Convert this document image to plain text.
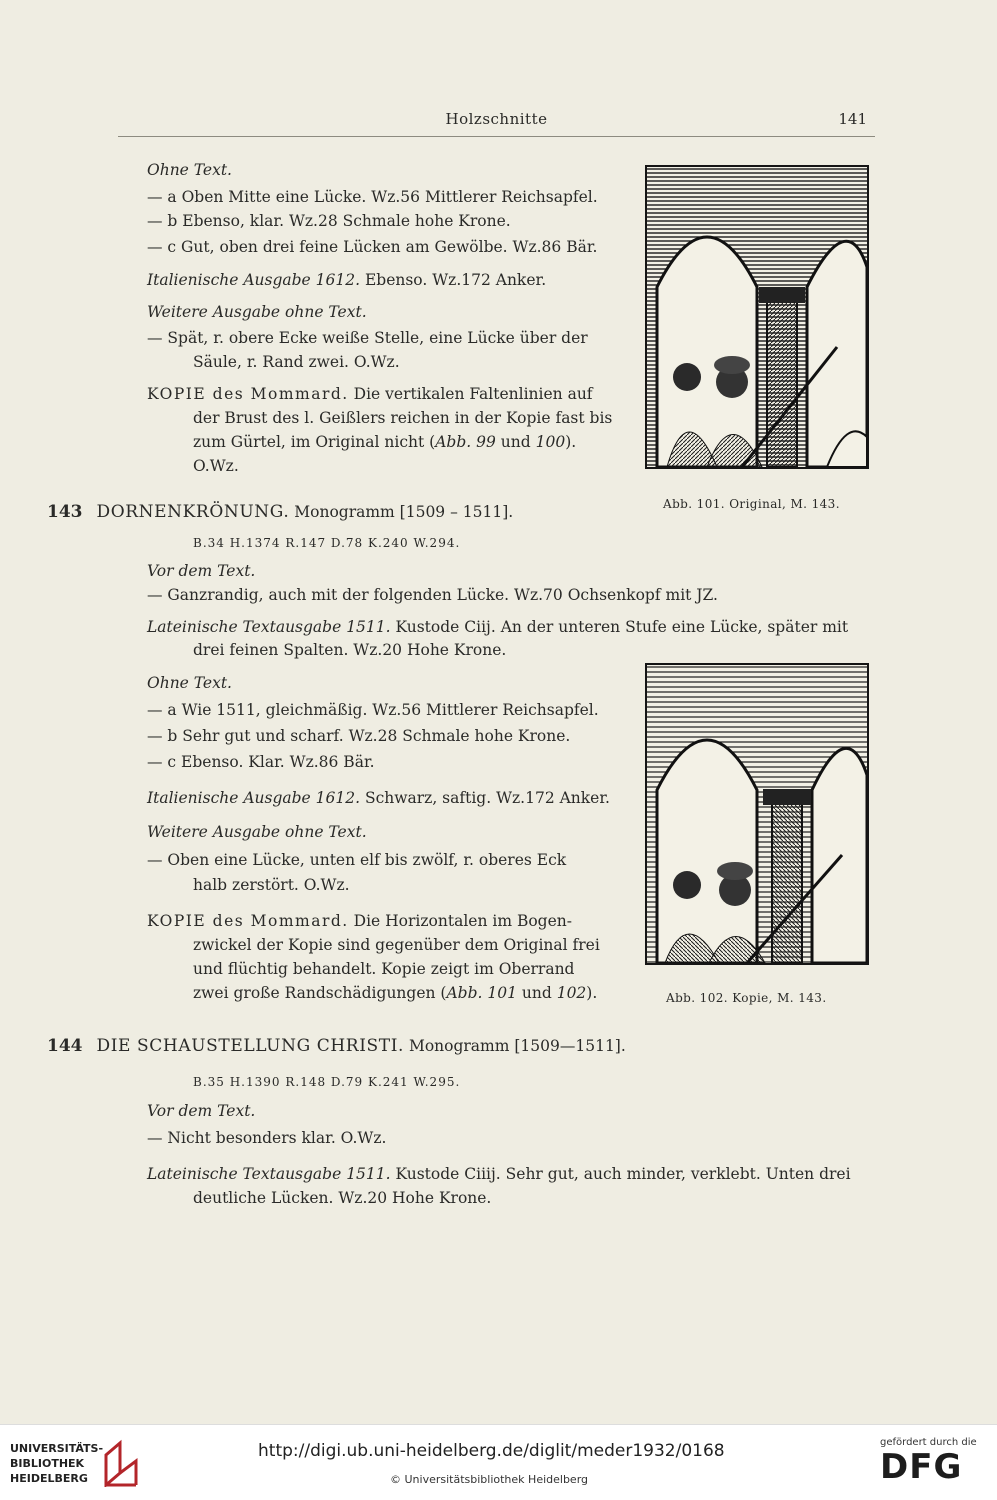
Holzschnitte	141
Ohne Text.
— a Oben Mitte eine Lücke. Wz.56 Mittlerer Reichsapfel.
— b Ebenso, klar. Wz.28 Schmale hohe Krone.
— c Gut, oben drei feine Lücken am Gewölbe. Wz.86 Bär.
Italienische Ausgabe 1612. Ebenso. Wz.172 Anker.
Weitere Ausgabe ohne Text.
— Spät, r. obere Ecke weiße Stelle, eine Lücke über der
Säule, r. Rand zwei. O.Wz.
KOPIE des Mommard. Die vertikalen Faltenlinien auf
der Brust des l. Geißlers reichen in der Kopie fast bis
zum Gürtel, im Original nicht (Abb. 99 und 100).
O.Wz.
Abb. 101. Original, M. 143.
143 DORNENKRÖNUNG. Monogramm [1509 – 1511].
B.34 H.1374 R.147 D.78 K.240 W.294.
Vor dem Text.
— Ganzrandig, auch mit der folgenden Lücke. Wz.70 Ochsenkopf mit JZ.
Lateinische Textausgabe 1511. Kustode Ciij. An der unteren Stufe eine Lücke, später mit
drei feinen Spalten. Wz.20 Hohe Krone.
Ohne Text.
— a Wie 1511, gleichmäßig. Wz.56 Mittlerer Reichsapfel.
— b Sehr gut und scharf. Wz.28 Schmale hohe Krone.
— c Ebenso. Klar. Wz.86 Bär.
Italienische Ausgabe 1612. Schwarz, saftig. Wz.172 Anker.
Weitere Ausgabe ohne Text.
— Oben eine Lücke, unten elf bis zwölf, r. oberes Eck
halb zerstört. O.Wz.
KOPIE des Mommard. Die Horizontalen im Bogen-
zwickel der Kopie sind gegenüber dem Original frei
und flüchtig behandelt. Kopie zeigt im Oberrand
zwei große Randschädigungen (Abb. 101 und 102).	Abb. 102. Kopie, M. 143.
144 DIE SCHAUSTELLUNG CHRISTI. Monogramm [1509—1511].
B.35 H.1390 R.148 D.79 K.241 W.295.
Vor dem Text.
— Nicht besonders klar. O.Wz.
Lateinische Textausgabe 1511. Kustode Ciiij. Sehr gut, auch minder, verklebt. Unten drei
deutliche Lücken. Wz.20 Hohe Krone.
UNIVERSITÄTS-
BIBLIOTHEK
HEIDELBERG
http://digi.ub.uni-heidelberg.de/diglit/meder1932/0168
© Universitätsbibliothek Heidelberg
gefördert durch die
DFG
